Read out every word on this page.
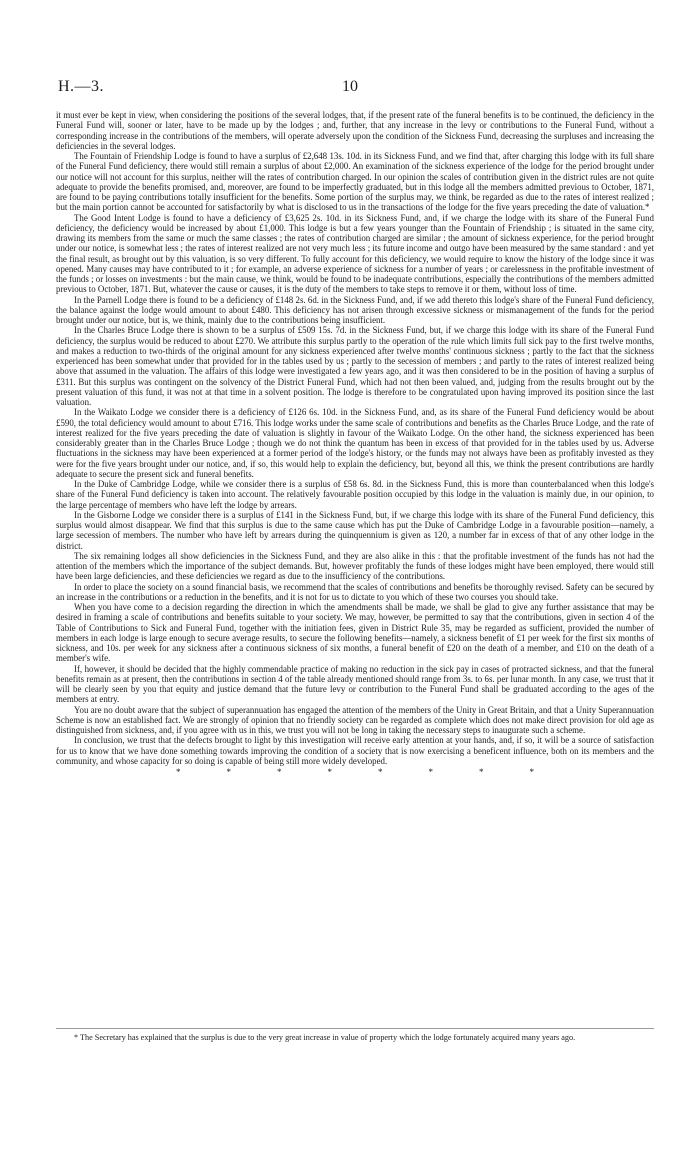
H.—3.	10

it must ever be kept in view, when considering the positions of the several lodges, that, if the present rate of the funeral benefits is to be continued, the deficiency in the Funeral Fund will, sooner or later, have to be made up by the lodges ; and, further, that any increase in the levy or contributions to the Funeral Fund, without a corresponding increase in the contributions of the members, will operate adversely upon the condition of the Sickness Fund, decreasing the surpluses and increasing the deficiencies in the several lodges.

The Fountain of Friendship Lodge is found to have a surplus of £2,648 13s. 10d. in its Sickness Fund, and we find that, after charging this lodge with its full share of the Funeral Fund deficiency, there would still remain a surplus of about £2,000. An examination of the sickness experience of the lodge for the period brought under our notice will not account for this surplus, neither will the rates of contribution charged. In our opinion the scales of contribution given in the district rules are not quite adequate to provide the benefits promised, and, moreover, are found to be imperfectly graduated, but in this lodge all the members admitted previous to October, 1871, are found to be paying contributions totally insufficient for the benefits. Some portion of the surplus may, we think, be regarded as due to the rates of interest realized ; but the main portion cannot be accounted for satisfactorily by what is disclosed to us in the transactions of the lodge for the five years preceding the date of valuation.*

The Good Intent Lodge is found to have a deficiency of £3,625 2s. 10d. in its Sickness Fund, and, if we charge the lodge with its share of the Funeral Fund deficiency, the deficiency would be increased by about £1,000. This lodge is but a few years younger than the Fountain of Friendship ; is situated in the same city, drawing its members from the same or much the same classes ; the rates of contribution charged are similar ; the amount of sickness experience, for the period brought under our notice, is somewhat less ; the rates of interest realized are not very much less ; its future income and outgo have been measured by the same standard : and yet the final result, as brought out by this valuation, is so very different. To fully account for this deficiency, we would require to know the history of the lodge since it was opened. Many causes may have contributed to it ; for example, an adverse experience of sickness for a number of years ; or carelessness in the profitable investment of the funds ; or losses on investments : but the main cause, we think, would be found to be inadequate contributions, especially the contributions of the members admitted previous to October, 1871. But, whatever the cause or causes, it is the duty of the members to take steps to remove it or them, without loss of time.

In the Parnell Lodge there is found to be a deficiency of £148 2s. 6d. in the Sickness Fund, and, if we add thereto this lodge's share of the Funeral Fund deficiency, the balance against the lodge would amount to about £480. This deficiency has not arisen through excessive sickness or mismanagement of the funds for the period brought under our notice, but is, we think, mainly due to the contributions being insufficient.

In the Charles Bruce Lodge there is shown to be a surplus of £509 15s. 7d. in the Sickness Fund, but, if we charge this lodge with its share of the Funeral Fund deficiency, the surplus would be reduced to about £270. We attribute this surplus partly to the operation of the rule which limits full sick pay to the first twelve months, and makes a reduction to two-thirds of the original amount for any sickness experienced after twelve months' continuous sickness ; partly to the fact that the sickness experienced has been somewhat under that provided for in the tables used by us ; partly to the secession of members ; and partly to the rates of interest realized being above that assumed in the valuation. The affairs of this lodge were investigated a few years ago, and it was then considered to be in the position of having a surplus of £311. But this surplus was contingent on the solvency of the District Funeral Fund, which had not then been valued, and, judging from the results brought out by the present valuation of this fund, it was not at that time in a solvent position. The lodge is therefore to be congratulated upon having improved its position since the last valuation.

In the Waikato Lodge we consider there is a deficiency of £126 6s. 10d. in the Sickness Fund, and, as its share of the Funeral Fund deficiency would be about £590, the total deficiency would amount to about £716. This lodge works under the same scale of contributions and benefits as the Charles Bruce Lodge, and the rate of interest realized for the five years preceding the date of valuation is slightly in favour of the Waikato Lodge. On the other hand, the sickness experienced has been considerably greater than in the Charles Bruce Lodge ; though we do not think the quantum has been in excess of that provided for in the tables used by us. Adverse fluctuations in the sickness may have been experienced at a former period of the lodge's history, or the funds may not always have been as profitably invested as they were for the five years brought under our notice, and, if so, this would help to explain the deficiency, but, beyond all this, we think the present contributions are hardly adequate to secure the present sick and funeral benefits.

In the Duke of Cambridge Lodge, while we consider there is a surplus of £58 6s. 8d. in the Sickness Fund, this is more than counterbalanced when this lodge's share of the Funeral Fund deficiency is taken into account. The relatively favourable position occupied by this lodge in the valuation is mainly due, in our opinion, to the large percentage of members who have left the lodge by arrears.

In the Gisborne Lodge we consider there is a surplus of £141 in the Sickness Fund, but, if we charge this lodge with its share of the Funeral Fund deficiency, this surplus would almost disappear. We find that this surplus is due to the same cause which has put the Duke of Cambridge Lodge in a favourable position—namely, a large secession of members. The number who have left by arrears during the quinquennium is given as 120, a number far in excess of that of any other lodge in the district.

The six remaining lodges all show deficiencies in the Sickness Fund, and they are also alike in this : that the profitable investment of the funds has not had the attention of the members which the importance of the subject demands. But, however profitably the funds of these lodges might have been employed, there would still have been large deficiencies, and these deficiencies we regard as due to the insufficiency of the contributions.

In order to place the society on a sound financial basis, we recommend that the scales of contributions and benefits be thoroughly revised. Safety can be secured by an increase in the contributions or a reduction in the benefits, and it is not for us to dictate to you which of these two courses you should take.

When you have come to a decision regarding the direction in which the amendments shall be made, we shall be glad to give any further assistance that may be desired in framing a scale of contributions and benefits suitable to your society. We may, however, be permitted to say that the contributions, given in section 4 of the Table of Contributions to Sick and Funeral Fund, together with the initiation fees, given in District Rule 35, may be regarded as sufficient, provided the number of members in each lodge is large enough to secure average results, to secure the following benefits—namely, a sickness benefit of £1 per week for the first six months of sickness, and 10s. per week for any sickness after a continuous sickness of six months, a funeral benefit of £20 on the death of a member, and £10 on the death of a member's wife.

If, however, it should be decided that the highly commendable practice of making no reduction in the sick pay in cases of protracted sickness, and that the funeral benefits remain as at present, then the contributions in section 4 of the table already mentioned should range from 3s. to 6s. per lunar month. In any case, we trust that it will be clearly seen by you that equity and justice demand that the future levy or contribution to the Funeral Fund shall be graduated according to the ages of the members at entry.

You are no doubt aware that the subject of superannuation has engaged the attention of the members of the Unity in Great Britain, and that a Unity Superannuation Scheme is now an established fact. We are strongly of opinion that no friendly society can be regarded as complete which does not make direct provision for old age as distinguished from sickness, and, if you agree with us in this, we trust you will not be long in taking the necessary steps to inaugurate such a scheme.

In conclusion, we trust that the defects brought to light by this investigation will receive early attention at your hands, and, if so, it will be a source of satisfaction for us to know that we have done something towards improving the condition of a society that is now exercising a beneficent influence, both on its members and the community, and whose capacity for so doing is capable of being still more widely developed.

*	*	*	*	*	*	*	*

* The Secretary has explained that the surplus is due to the very great increase in value of property which the lodge fortunately acquired many years ago.
